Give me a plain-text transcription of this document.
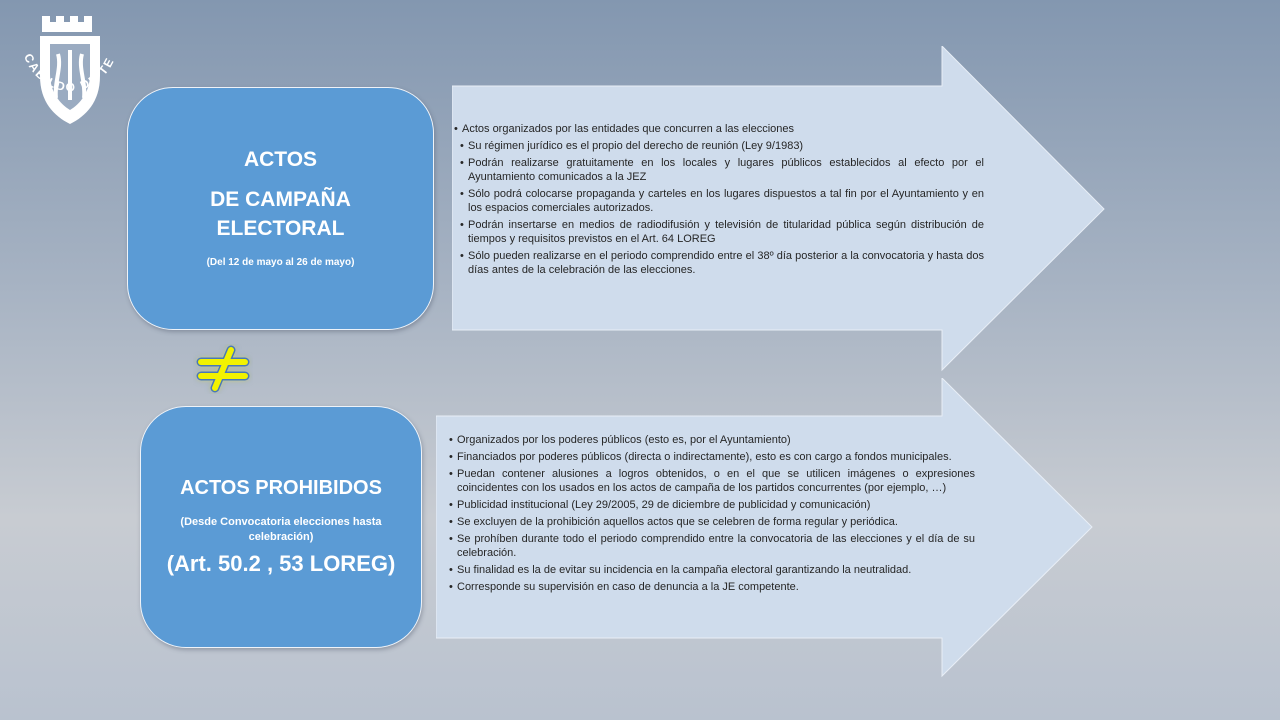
CABILDO DE TE
ACTOS
DE CAMPAÑA
ELECTORAL
(Del 12 de mayo al 26 de mayo)
ACTOS PROHIBIDOS
(Desde Convocatoria elecciones hasta celebración)
(Art. 50.2 , 53 LOREG)
• Actos organizados por las entidades que concurren a las elecciones
• Su régimen jurídico es el propio del derecho de reunión (Ley 9/1983)
• Podrán realizarse gratuitamente en los locales y lugares públicos establecidos al efecto por el Ayuntamiento comunicados a la JEZ
• Sólo podrá colocarse propaganda y carteles en los lugares dispuestos a tal fin por el Ayuntamiento y en los espacios comerciales autorizados.
• Podrán insertarse en medios de radiodifusión y televisión de titularidad pública según distribución de tiempos y requisitos previstos en el Art. 64 LOREG
• Sólo pueden realizarse en el periodo comprendido entre el 38º día posterior a la convocatoria y hasta dos días antes de la celebración de las elecciones.
• Organizados por los poderes públicos (esto es, por el Ayuntamiento)
• Financiados por poderes públicos (directa o indirectamente), esto es con cargo a fondos municipales.
• Puedan contener alusiones a logros obtenidos, o en el que se utilicen imágenes o expresiones coincidentes con los usados en los actos de campaña de los partidos concurrentes (por ejemplo, …)
• Publicidad institucional (Ley 29/2005, 29 de diciembre de publicidad y comunicación)
• Se excluyen de la prohibición aquellos actos que se celebren de forma regular y periódica.
• Se prohíben durante todo el periodo comprendido entre la convocatoria de las elecciones y el día de su celebración.
• Su finalidad es la de evitar su incidencia en la campaña electoral garantizando la neutralidad.
• Corresponde su supervisión en caso de denuncia a la JE competente.
